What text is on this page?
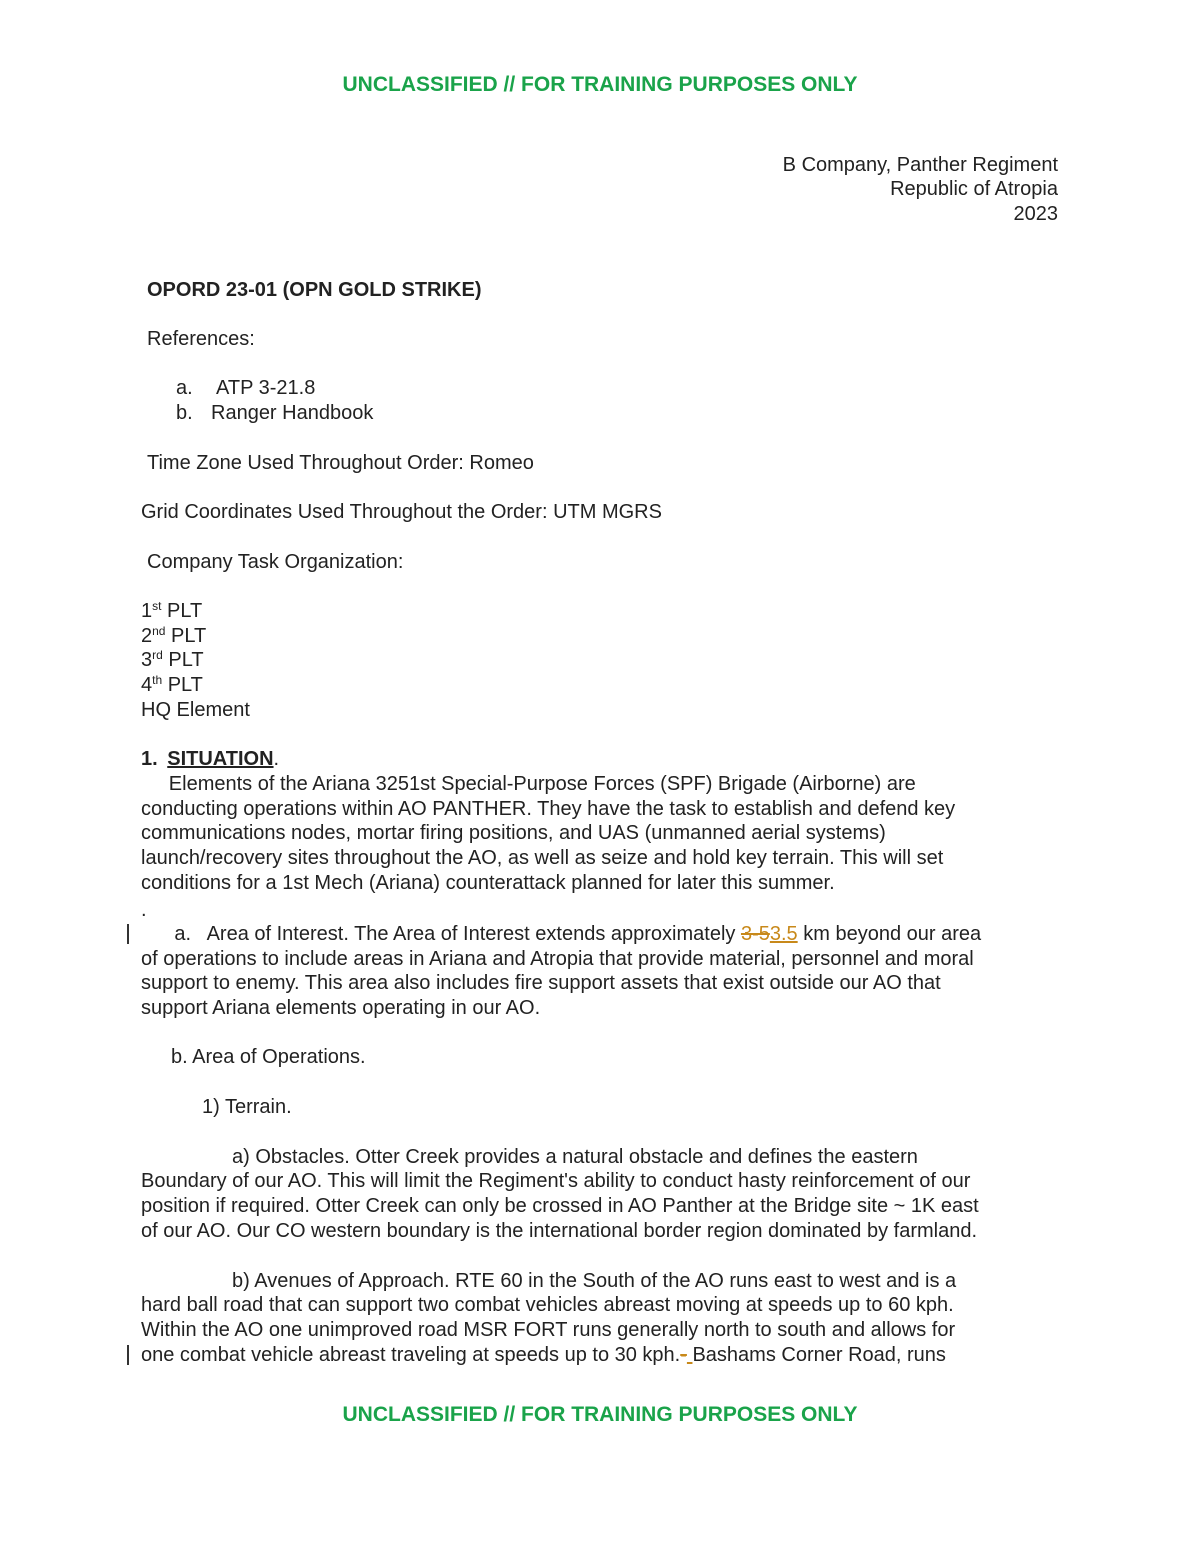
UNCLASSIFIED // FOR TRAINING PURPOSES ONLY
B Company, Panther Regiment
Republic of Atropia
2023
OPORD 23-01 (OPN GOLD STRIKE)
References:
a. ATP 3-21.8
b. Ranger Handbook
Time Zone Used Throughout Order: Romeo
Grid Coordinates Used Throughout the Order: UTM MGRS
Company Task Organization:
1st PLT
2nd PLT
3rd PLT
4th PLT
HQ Element
1. SITUATION.
Elements of the Ariana 3251st Special-Purpose Forces (SPF) Brigade (Airborne) are
conducting operations within AO PANTHER. They have the task to establish and defend key
communications nodes, mortar firing positions, and UAS (unmanned aerial systems)
launch/recovery sites throughout the AO, as well as seize and hold key terrain. This will set
conditions for a 1st Mech (Ariana) counterattack planned for later this summer.
.
a.   Area of Interest. The Area of Interest extends approximately 3-53.5 km beyond our area
of operations to include areas in Ariana and Atropia that provide material, personnel and moral
support to enemy. This area also includes fire support assets that exist outside our AO that
support Ariana elements operating in our AO.
b. Area of Operations.
1) Terrain.
a) Obstacles. Otter Creek provides a natural obstacle and defines the eastern
Boundary of our AO. This will limit the Regiment's ability to conduct hasty reinforcement of our
position if required. Otter Creek can only be crossed in AO Panther at the Bridge site ~ 1K east
of our AO. Our CO western boundary is the international border region dominated by farmland.
b) Avenues of Approach. RTE 60 in the South of the AO runs east to west and is a
hard ball road that can support two combat vehicles abreast moving at speeds up to 60 kph.
Within the AO one unimproved road MSR FORT runs generally north to south and allows for
one combat vehicle abreast traveling at speeds up to 30 kph.- Bashams Corner Road, runs
UNCLASSIFIED // FOR TRAINING PURPOSES ONLY
